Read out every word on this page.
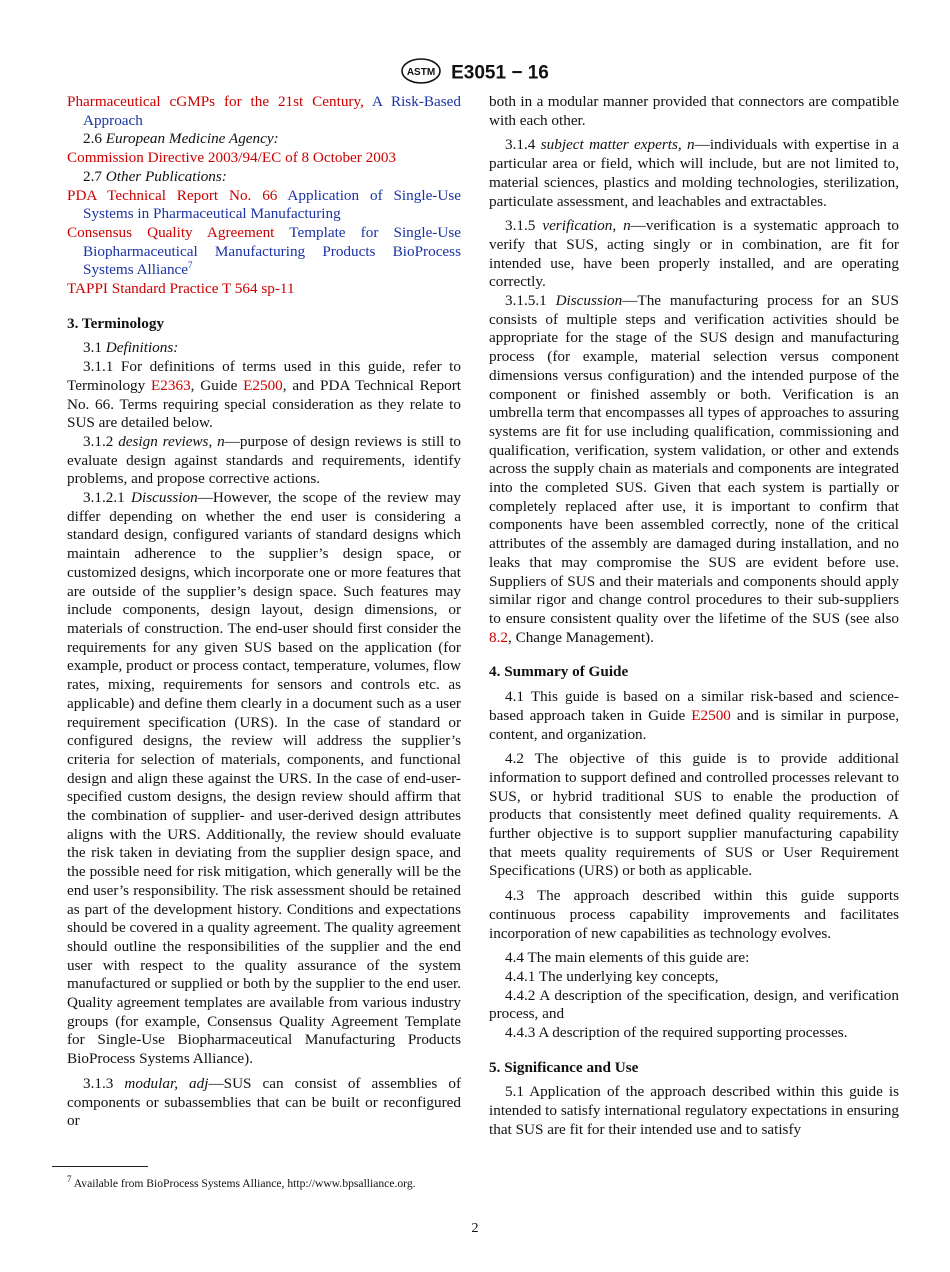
ASTM E3051 − 16

Pharmaceutical cGMPs for the 21st Century, A Risk-Based Approach

2.6 European Medicine Agency:

Commission Directive 2003/94/EC of 8 October 2003

2.7 Other Publications:

PDA Technical Report No. 66 Application of Single-Use Systems in Pharmaceutical Manufacturing

Consensus Quality Agreement Template for Single-Use Biopharmaceutical Manufacturing Products BioProcess Systems Alliance$^7$

TAPPI Standard Practice T 564 sp-11

3. Terminology

3.1 Definitions:

3.1.1 For definitions of terms used in this guide, refer to Terminology E2363, Guide E2500, and PDA Technical Report No. 66. Terms requiring special consideration as they relate to SUS are detailed below.

3.1.2 design reviews, n—purpose of design reviews is still to evaluate design against standards and requirements, identify problems, and propose corrective actions.

3.1.2.1 Discussion—However, the scope of the review may differ depending on whether the end user is considering a standard design, configured variants of standard designs which maintain adherence to the supplier’s design space, or customized designs, which incorporate one or more features that are outside of the supplier’s design space. Such features may include components, design layout, design dimensions, or materials of construction. The end-user should first consider the requirements for any given SUS based on the application (for example, product or process contact, temperature, volumes, flow rates, mixing, requirements for sensors and controls etc. as applicable) and define them clearly in a document such as a user requirement specification (URS). In the case of standard or configured designs, the review will address the supplier’s criteria for selection of materials, components, and functional design and align these against the URS. In the case of end-user-specified custom designs, the design review should affirm that the combination of supplier- and user-derived design attributes aligns with the URS. Additionally, the review should evaluate the risk taken in deviating from the supplier design space, and the possible need for risk mitigation, which generally will be the end user’s responsibility. The risk assessment should be retained as part of the development history. Conditions and expectations should be covered in a quality agreement. The quality agreement should outline the responsibilities of the supplier and the end user with respect to the quality assurance of the system manufactured or supplied or both by the supplier to the end user. Quality agreement templates are available from various industry groups (for example, Consensus Quality Agreement Template for Single-Use Biopharmaceutical Manufacturing Products BioProcess Systems Alliance).

3.1.3 modular, adj—SUS can consist of assemblies of components or subassemblies that can be built or reconfigured or

both in a modular manner provided that connectors are compatible with each other.

3.1.4 subject matter experts, n—individuals with expertise in a particular area or field, which will include, but are not limited to, material sciences, plastics and molding technologies, sterilization, particulate assessment, and leachables and extractables.

3.1.5 verification, n—verification is a systematic approach to verify that SUS, acting singly or in combination, are fit for intended use, have been properly installed, and are operating correctly.

3.1.5.1 Discussion—The manufacturing process for an SUS consists of multiple steps and verification activities should be appropriate for the stage of the SUS design and manufacturing process (for example, material selection versus component dimensions versus configuration) and the intended purpose of the component or finished assembly or both. Verification is an umbrella term that encompasses all types of approaches to assuring systems are fit for use including qualification, commissioning and qualification, verification, system validation, or other and extends across the supply chain as materials and components are integrated into the completed SUS. Given that each system is partially or completely replaced after use, it is important to confirm that components have been assembled correctly, none of the critical attributes of the assembly are damaged during installation, and no leaks that may compromise the SUS are evident before use. Suppliers of SUS and their materials and components should apply similar rigor and change control procedures to their sub-suppliers to ensure consistent quality over the lifetime of the SUS (see also 8.2, Change Management).

4. Summary of Guide

4.1 This guide is based on a similar risk-based and science-based approach taken in Guide E2500 and is similar in purpose, content, and organization.

4.2 The objective of this guide is to provide additional information to support defined and controlled processes relevant to SUS, or hybrid traditional SUS to enable the production of products that consistently meet defined quality requirements. A further objective is to support supplier manufacturing capability that meets quality requirements of SUS or User Requirement Specifications (URS) or both as applicable.

4.3 The approach described within this guide supports continuous process capability improvements and facilitates incorporation of new capabilities as technology evolves.

4.4 The main elements of this guide are:

4.4.1 The underlying key concepts,

4.4.2 A description of the specification, design, and verification process, and

4.4.3 A description of the required supporting processes.

5. Significance and Use

5.1 Application of the approach described within this guide is intended to satisfy international regulatory expectations in ensuring that SUS are fit for their intended use and to satisfy

$^7$ Available from BioProcess Systems Alliance, http://www.bpsalliance.org.
2
